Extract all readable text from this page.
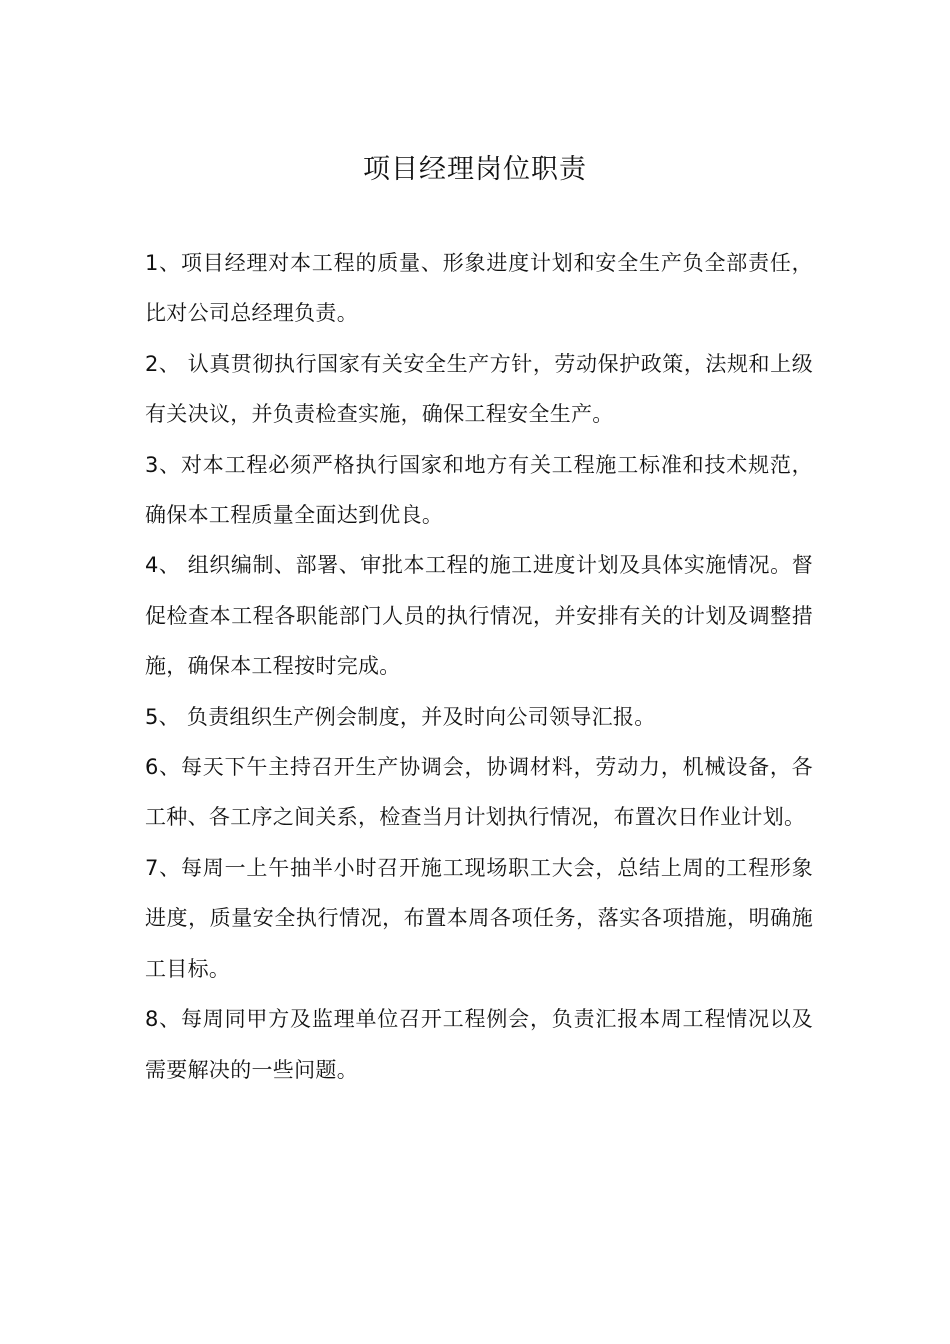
项目经理岗位职责

1、项目经理对本工程的质量、形象进度计划和安全生产负全部责任，比对公司总经理负责。

2、 认真贯彻执行国家有关安全生产方针，劳动保护政策，法规和上级有关决议，并负责检查实施，确保工程安全生产。

3、对本工程必须严格执行国家和地方有关工程施工标准和技术规范，确保本工程质量全面达到优良。

4、 组织编制、部署、审批本工程的施工进度计划及具体实施情况。督促检查本工程各职能部门人员的执行情况，并安排有关的计划及调整措施，确保本工程按时完成。

5、 负责组织生产例会制度，并及时向公司领导汇报。

6、每天下午主持召开生产协调会，协调材料，劳动力，机械设备，各工种、各工序之间关系，检查当月计划执行情况，布置次日作业计划。

7、每周一上午抽半小时召开施工现场职工大会，总结上周的工程形象进度，质量安全执行情况，布置本周各项任务，落实各项措施，明确施工目标。

8、每周同甲方及监理单位召开工程例会，负责汇报本周工程情况以及需要解决的一些问题。
